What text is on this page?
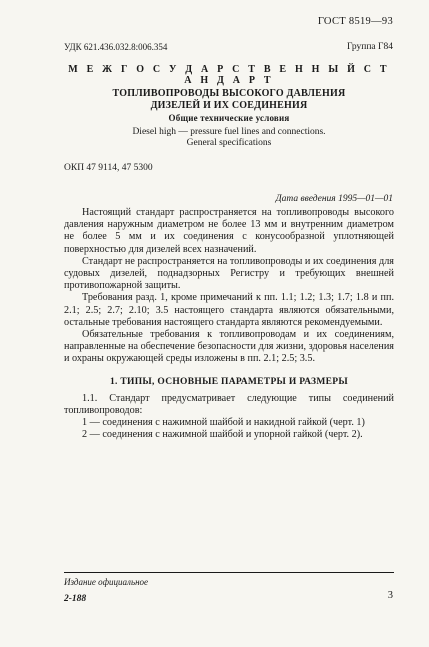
ГОСТ 8519—93
УДК 621.436.032.8:006.354	Группа Г84
М Е Ж Г О С У Д А Р С Т В Е Н Н Ы Й С Т А Н Д А Р Т
ТОПЛИВОПРОВОДЫ ВЫСОКОГО ДАВЛЕНИЯ
ДИЗЕЛЕЙ И ИХ СОЕДИНЕНИЯ
Общие технические условия
Diesel high — pressure fuel lines and connections.
General specifications
ОКП 47 9114, 47 5300
Дата введения 1995—01—01

Настоящий стандарт распространяется на топливопроводы высокого давления наружным диаметром не более 13 мм и внутренним диаметром не более 5 мм и их соединения с конусообразной уплотняющей поверхностью для дизелей всех назначений.

Стандарт не распространяется на топливопроводы и их соединения для судовых дизелей, поднадзорных Регистру и требующих внешней противопожарной защиты.

Требования разд. 1, кроме примечаний к пп. 1.1; 1.2; 1.3; 1.7; 1.8 и пп. 2.1; 2.5; 2.7; 2.10; 3.5 настоящего стандарта являются обязательными, остальные требования настоящего стандарта являются рекомендуемыми.

Обязательные требования к топливопроводам и их соединениям, направленные на обеспечение безопасности для жизни, здоровья населения и охраны окружающей среды изложены в пп. 2.1; 2.5; 3.5.

1. ТИПЫ, ОСНОВНЫЕ ПАРАМЕТРЫ И РАЗМЕРЫ

1.1. Стандарт предусматривает следующие типы соединений топливопроводов:

1 — соединения с нажимной шайбой и накидной гайкой (черт. 1)

2 — соединения с нажимной шайбой и упорной гайкой (черт. 2).

Издание официальное
2-188	3
